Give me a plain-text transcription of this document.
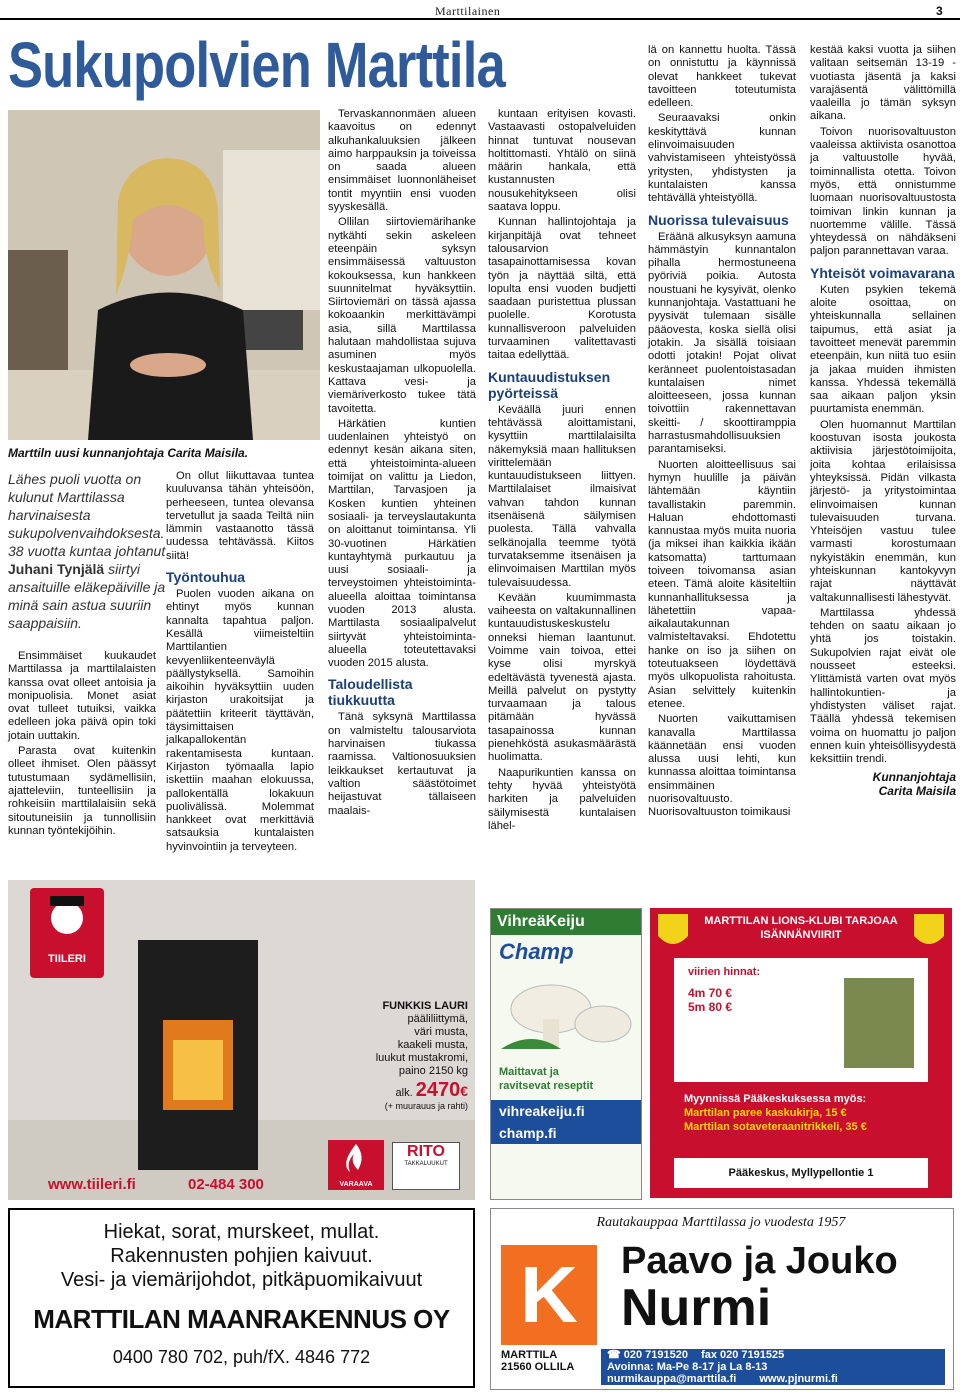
Marttilainen	3
Sukupolvien Marttila
Marttiln uusi kunnanjohtaja Carita Maisila.
Lähes puoli vuotta on kulunut Marttilassa harvinaisesta sukupolvenvaihdoksesta. 38 vuotta kuntaa johtanut Juhani Tynjälä siirtyi ansaituille eläkepäiville ja minä sain astua suuriin saappaisiin.

Ensimmäiset kuukaudet Marttilassa ja marttilalaisten kanssa ovat olleet antoisia ja monipuolisia. Monet asiat ovat tulleet tutuiksi, vaikka edelleen joka päivä opin toki jotain uuttakin.

Parasta ovat kuitenkin olleet ihmiset. Olen päässyt tutustumaan sydämellisiin, ajatteleviin, tunteellisiin ja rohkeisiin marttilalaisiin sekä sitoutuneisiin ja tunnollisiin kunnan työntekijöihin.

On ollut liikuttavaa tuntea kuuluvansa tähän yhteisöön, perheeseen, tuntea olevansa tervetullut ja saada Teiltä niin lämmin vastaanotto tässä uudessa tehtävässä. Kiitos siitä!

Työntouhua

Puolen vuoden aikana on ehtinyt myös kunnan kannalta tapahtua paljon. Kesällä viimeisteltiin Marttilantien kevyenliikenteenväylä päällystyksellä. Samoihin aikoihin hyväksyttiin uuden kirjaston urakoitsijat ja päätettiin kriteerit täyttävän, täysimittaisen jalkapallokentän rakentamisesta kuntaan. Kirjaston työmaalla lapio iskettiin maahan elokuussa, pallokentällä lokakuun puolivälissä. Molemmat hankkeet ovat merkittäviä satsauksia kuntalaisten hyvinvointiin ja terveyteen.

Tervaskannonmäen alueen kaavoitus on edennyt alkuhankaluuksien jälkeen aimo harppauksin ja toiveissa on saada alueen ensimmäiset luonnonläheiset tontit myyntiin ensi vuoden syyskesällä.

Ollilan siirtoviemärihanke nytkähti sekin askeleen eteenpäin syksyn ensimmäisessä valtuuston kokouksessa, kun hankkeen suunnitelmat hyväksyttiin. Siirtoviemäri on tässä ajassa kokoaankin merkittävämpi asia, sillä Marttilassa halutaan mahdollistaa sujuva asuminen myös keskustaajaman ulkopuolella. Kattava vesi- ja viemäriverkosto tukee tätä tavoitetta.

Härkätien kuntien uudenlainen yhteistyö on edennyt kesän aikana siten, että yhteistoiminta-alueen toimijat on valittu ja Liedon, Marttilan, Tarvasjoen ja Kosken kuntien yhteinen sosiaali- ja terveyslautakunta on aloittanut toimintansa. Yli 30-vuotinen Härkätien kuntayhtymä purkautuu ja uusi sosiaali- ja terveystoimen yhteistoiminta-alueella aloittaa toimintansa vuoden 2013 alusta. Marttilasta sosiaalipalvelut siirtyvät yhteistoiminta-alueella toteutettavaksi vuoden 2015 alusta.

Taloudellista tiukkuutta

Tänä syksynä Marttilassa on valmisteltu talousarviota harvinaisen tiukassa raamissa. Valtionosuuksien leikkaukset kertautuvat ja valtion säästötoimet heijastuvat tällaiseen maalais-

kuntaan erityisen kovasti. Vastaavasti ostopalveluiden hinnat tuntuvat nousevan holtittomasti. Yhtälö on siinä määrin hankala, että kustannusten nousukehitykseen olisi saatava loppu.

Kunnan hallintojohtaja ja kirjanpitäjä ovat tehneet talousarvion tasapainottamisessa kovan työn ja näyttää siltä, että lopulta ensi vuoden budjetti saadaan puristettua plussan puolelle. Korotusta kunnallisveroon palveluiden turvaaminen valitettavasti taitaa edellyttää.

Kuntauudistuksen pyörteissä

Keväällä juuri ennen tehtävässä aloittamistani, kysyttiin marttilalaisilta näkemyksiä maan hallituksen virittelemään kuntauudistukseen liittyen. Marttilalaiset ilmaisivat vahvan tahdon kunnan itsenäisenä säilymisen puolesta. Tällä vahvalla selkänojalla teemme työtä turvataksemme itsenäisen ja elinvoimaisen Marttilan myös tulevaisuudessa.

Kevään kuumimmasta vaiheesta on valtakunnallinen kuntauudistuskeskustelu onneksi hieman laantunut. Voimme vain toivoa, ettei kyse olisi myrskyä edeltävästä tyvenestä ajasta. Meillä palvelut on pystytty turvaamaan ja talous pitämään hyvässä tasapainossa kunnan pienehköstä asukasmäärästä huolimatta.

Naapurikuntien kanssa on tehty hyvää yhteistyötä harkiten ja palveluiden säilymisestä kuntalaisen lähel-

lä on kannettu huolta. Tässä on onnistuttu ja käynnissä olevat hankkeet tukevat tavoitteen toteutumista edelleen.

Seuraavaksi onkin keskityttävä kunnan elinvoimaisuuden vahvistamiseen yhteistyössä yritysten, yhdistysten ja kuntalaisten kanssa tehtävällä yhteistyöllä.

Nuorissa tulevaisuus

Eräänä alkusyksyn aamuna hämmästyin kunnantalon pihalla hermostuneena pyöriviä poikia. Autosta noustuani he kysyivät, olenko kunnanjohtaja. Vastattuani he pyysivät tulemaan sisälle pääovesta, koska siellä olisi jotakin. Ja sisällä toisiaan odotti jotakin! Pojat olivat keränneet puolentoistasadan kuntalaisen nimet aloitteeseen, jossa kunnan toivottiin rakennettavan skeitti- / skoottiramppia harrastusmahdollisuuksien parantamiseksi.

Nuorten aloitteellisuus sai hymyn huulille ja päivän lähtemään käyntiin tavallistakin paremmin. Haluan ehdottomasti kannustaa myös muita nuoria (ja miksei ihan kaikkia ikään katsomatta) tarttumaan toiveen toivomansa asian eteen. Tämä aloite käsiteltiin kunnanhallituksessa ja lähetettiin vapaa-aikalautakunnan valmisteltavaksi. Ehdotettu hanke on iso ja siihen on toteutuakseen löydettävä myös ulkopuolista rahoitusta. Asian selvittely kuitenkin etenee.

Nuorten vaikuttamisen kanavalla Marttilassa käännetään ensi vuoden alussa uusi lehti, kun kunnassa aloittaa toimintansa ensimmäinen nuorisovaltuusto. Nuorisovaltuuston toimikausi

kestää kaksi vuotta ja siihen valitaan seitsemän 13-19 -vuotiasta jäsentä ja kaksi varajäsentä välittömillä vaaleilla jo tämän syksyn aikana.

Toivon nuorisovaltuuston vaaleissa aktiivista osanottoa ja valtuustolle hyvää, toiminnallista otetta. Toivon myös, että onnistumme luomaan nuorisovaltuustosta toimivan linkin kunnan ja nuortemme välille. Tässä yhteydessä on nähdäkseni paljon parannettavan varaa.

Yhteisöt voimavarana

Kuten psykien tekemä aloite osoittaa, on yhteiskunnalla sellainen taipumus, että asiat ja tavoitteet menevät paremmin eteenpäin, kun niitä tuo esiin ja jakaa muiden ihmisten kanssa. Yhdessä tekemällä saa aikaan paljon yksin puurtamista enemmän.

Olen huomannut Marttilan koostuvan isosta joukosta aktiivisia järjestötoimijoita, joita kohtaa erilaisissa yhteyksissä. Pidän vilkasta järjestö- ja yritystoimintaa elinvoimaisen kunnan tulevaisuuden turvana. Yhteisöjen vastuu tulee varmasti korostumaan nykyistäkin enemmän, kun yhteiskunnan kantokyvyn rajat näyttävät valtakunnallisesti lähestyvät.

Marttilassa yhdessä tehden on saatu aikaan jo yhtä jos toistakin. Sukupolvien rajat eivät ole nousseet esteeksi. Ylittämistä varten ovat myös hallintokuntien- ja yhdistysten väliset rajat. Täällä yhdessä tekemisen voima on huomattu jo paljon ennen kuin yhteisöllisyydestä keksittiin trendi.

Kunnanjohtaja
Carita Maisila
TIILERI
FUNKKIS LAURI
pääliliittymä,
väri musta,
kaakeli musta,
luukut mustakromi,
paino 2150 kg
alk. 2470€
(+ muurauus ja rahti)
VARAAVA
RITO
TAKKALUUKUT
www.tiileri.fi	02-484 300
VihreäKeiju
Champ
Maittavat ja
ravitsevat reseptit
vihreakeiju.fi
champ.fi
MARTTILAN LIONS-KLUBI TARJOAA
ISÄNNÄNVIIRIT
viirien hinnat:
4m 70 €
5m 80 €
Myynnissä Pääkeskuksessa myös:
Marttilan paree kaskukirja, 15 €
Marttilan sotaveteraanitrikkeli, 35 €
Pääkeskus, Myllypellontie 1
Hiekat, sorat, murskeet, mullat.
Rakennusten pohjien kaivuut.
Vesi- ja viemärijohdot, pitkäpuomikaivuut
MARTTILAN MAANRAKENNUS OY
0400 780 702, puh/fX. 4846 772
Rautakauppaa Marttilassa jo vuodesta 1957
K Paavo ja Jouko
Nurmi
MARTTILA
21560 OLLILA
☎ 020 7191520 fax 020 7191525
Avoinna: Ma-Pe 8-17 ja La 8-13
nurmikauppa@marttila.fi www.pjnurmi.fi
